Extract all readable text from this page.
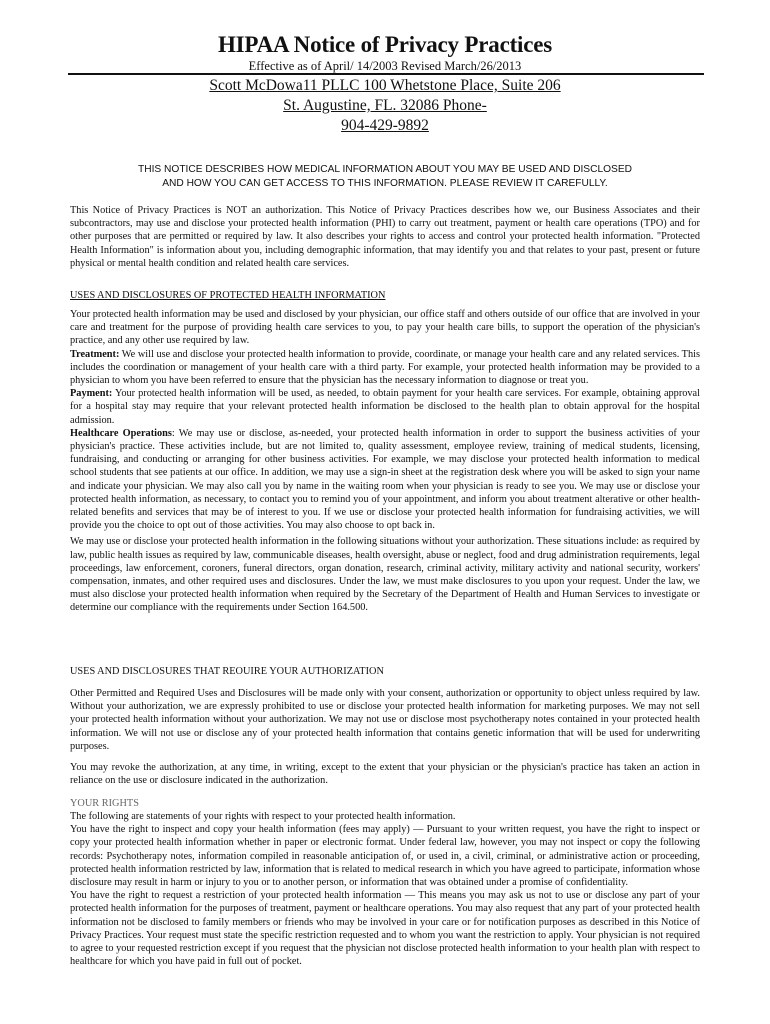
HIPAA Notice of Privacy Practices
Effective as of April/ 14/2003 Revised March/26/2013
Scott McDowa11 PLLC 100 Whetstone Place, Suite 206
St. Augustine, FL. 32086 Phone-
904-429-9892
THIS NOTICE DESCRIBES HOW MEDICAL INFORMATION ABOUT YOU MAY BE USED AND DISCLOSED
AND HOW YOU CAN GET ACCESS TO THIS INFORMATION. PLEASE REVIEW IT CAREFULLY.

This Notice of Privacy Practices is NOT an authorization. This Notice of Privacy Practices describes how we, our Business Associates and their subcontractors, may use and disclose your protected health information (PHI) to carry out treatment, payment or health care operations (TPO) and for other purposes that are permitted or required by law. It also describes your rights to access and control your protected health information. "Protected Health Information" is information about you, including demographic information, that may identify you and that relates to your past, present or future physical or mental health condition and related health care services.

USES AND DISCLOSURES OF PROTECTED HEALTH INFORMATION

Your protected health information may be used and disclosed by your physician, our office staff and others outside of our office that are involved in your care and treatment for the purpose of providing health care services to you, to pay your health care bills, to support the operation of the physician's practice, and any other use required by law.

Treatment: We will use and disclose your protected health information to provide, coordinate, or manage your health care and any related services. This includes the coordination or management of your health care with a third party. For example, your protected health information may be provided to a physician to whom you have been referred to ensure that the physician has the necessary information to diagnose or treat you.

Payment: Your protected health information will be used, as needed, to obtain payment for your health care services. For example, obtaining approval for a hospital stay may require that your relevant protected health information be disclosed to the health plan to obtain approval for the hospital admission.

Healthcare Operations: We may use or disclose, as-needed, your protected health information in order to support the business activities of your physician's practice. These activities include, but are not limited to, quality assessment, employee review, training of medical students, licensing, fundraising, and conducting or arranging for other business activities. For example, we may disclose your protected health information to medical school students that see patients at our office. In addition, we may use a sign-in sheet at the registration desk where you will be asked to sign your name and indicate your physician. We may also call you by name in the waiting room when your physician is ready to see you. We may use or disclose your protected health information, as necessary, to contact you to remind you of your appointment, and inform you about treatment alterative or other health-related benefits and services that may be of interest to you. If we use or disclose your protected health information for fundraising activities, we will provide you the choice to opt out of those activities. You may also choose to opt back in.

We may use or disclose your protected health information in the following situations without your authorization. These situations include: as required by law, public health issues as required by law, communicable diseases, health oversight, abuse or neglect, food and drug administration requirements, legal proceedings, law enforcement, coroners, funeral directors, organ donation, research, criminal activity, military activity and national security, workers' compensation, inmates, and other required uses and disclosures. Under the law, we must make disclosures to you upon your request. Under the law, we must also disclose your protected health information when required by the Secretary of the Department of Health and Human Services to investigate or determine our compliance with the requirements under Section 164.500.

USES AND DISCLOSURES THAT REOUIRE YOUR AUTHORIZATION

Other Permitted and Required Uses and Disclosures will be made only with your consent, authorization or opportunity to object unless required by law. Without your authorization, we are expressly prohibited to use or disclose your protected health information for marketing purposes. We may not sell your protected health information without your authorization. We may not use or disclose most psychotherapy notes contained in your protected health information. We will not use or disclose any of your protected health information that contains genetic information that will be used for underwriting purposes.

You may revoke the authorization, at any time, in writing, except to the extent that your physician or the physician's practice has taken an action in reliance on the use or disclosure indicated in the authorization.

YOUR RIGHTS

The following are statements of your rights with respect to your protected health information.

You have the right to inspect and copy your health information (fees may apply) — Pursuant to your written request, you have the right to inspect or copy your protected health information whether in paper or electronic format. Under federal law, however, you may not inspect or copy the following records: Psychotherapy notes, information compiled in reasonable anticipation of, or used in, a civil, criminal, or administrative action or proceeding, protected health information restricted by law, information that is related to medical research in which you have agreed to participate, information whose disclosure may result in harm or injury to you or to another person, or information that was obtained under a promise of confidentiality.

You have the right to request a restriction of your protected health information — This means you may ask us not to use or disclose any part of your protected health information for the purposes of treatment, payment or healthcare operations. You may also request that any part of your protected health information not be disclosed to family members or friends who may be involved in your care or for notification purposes as described in this Notice of Privacy Practices. Your request must state the specific restriction requested and to whom you want the restriction to apply. Your physician is not required to agree to your requested restriction except if you request that the physician not disclose protected health information to your health plan with respect to healthcare for which you have paid in full out of pocket.
